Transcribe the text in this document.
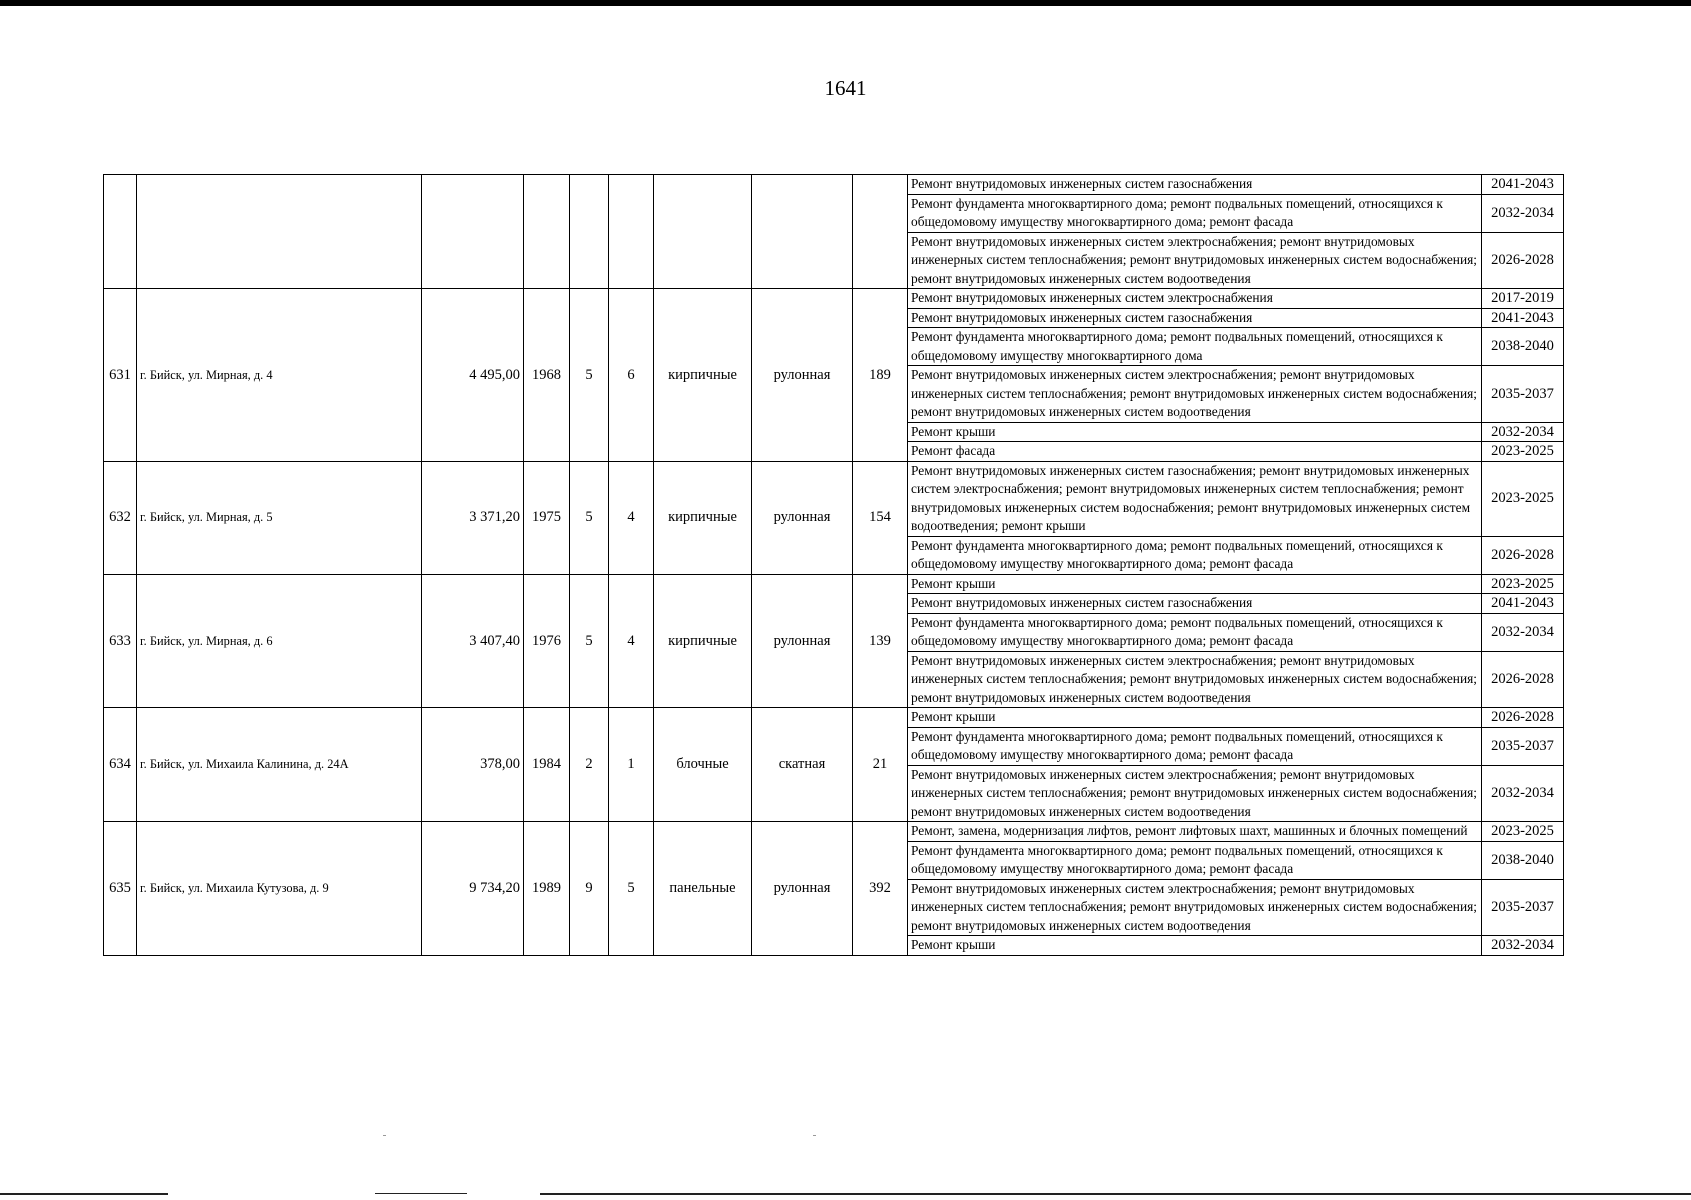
1641
									Ремонт внутридомовых инженерных систем газоснабжения	2041-2043
									Ремонт фундамента многоквартирного дома; ремонт подвальных помещений, относящихся к общедомовому имуществу многоквартирного дома; ремонт фасада	2032-2034
									Ремонт внутридомовых инженерных систем электроснабжения; ремонт внутридомовых инженерных систем теплоснабжения; ремонт внутридомовых инженерных систем водоснабжения; ремонт внутридомовых инженерных систем водоотведения	2026-2028
631	г. Бийск, ул. Мирная, д. 4	4 495,00	1968	5	6	кирпичные	рулонная	189	Ремонт внутридомовых инженерных систем электроснабжения	2017-2019
									Ремонт внутридомовых инженерных систем газоснабжения	2041-2043
									Ремонт фундамента многоквартирного дома; ремонт подвальных помещений, относящихся к общедомовому имуществу многоквартирного дома	2038-2040
									Ремонт внутридомовых инженерных систем электроснабжения; ремонт внутридомовых инженерных систем теплоснабжения; ремонт внутридомовых инженерных систем водоснабжения; ремонт внутридомовых инженерных систем водоотведения	2035-2037
									Ремонт крыши	2032-2034
									Ремонт фасада	2023-2025
632	г. Бийск, ул. Мирная, д. 5	3 371,20	1975	5	4	кирпичные	рулонная	154	Ремонт внутридомовых инженерных систем газоснабжения; ремонт внутридомовых инженерных систем электроснабжения; ремонт внутридомовых инженерных систем теплоснабжения; ремонт внутридомовых инженерных систем водоснабжения; ремонт внутридомовых инженерных систем водоотведения; ремонт крыши	2023-2025
									Ремонт фундамента многоквартирного дома; ремонт подвальных помещений, относящихся к общедомовому имуществу многоквартирного дома; ремонт фасада	2026-2028
633	г. Бийск, ул. Мирная, д. 6	3 407,40	1976	5	4	кирпичные	рулонная	139	Ремонт крыши	2023-2025
									Ремонт внутридомовых инженерных систем газоснабжения	2041-2043
									Ремонт фундамента многоквартирного дома; ремонт подвальных помещений, относящихся к общедомовому имуществу многоквартирного дома; ремонт фасада	2032-2034
									Ремонт внутридомовых инженерных систем электроснабжения; ремонт внутридомовых инженерных систем теплоснабжения; ремонт внутридомовых инженерных систем водоснабжения; ремонт внутридомовых инженерных систем водоотведения	2026-2028
634	г. Бийск, ул. Михаила Калинина, д. 24А	378,00	1984	2	1	блочные	скатная	21	Ремонт крыши	2026-2028
									Ремонт фундамента многоквартирного дома; ремонт подвальных помещений, относящихся к общедомовому имуществу многоквартирного дома; ремонт фасада	2035-2037
									Ремонт внутридомовых инженерных систем электроснабжения; ремонт внутридомовых инженерных систем теплоснабжения; ремонт внутридомовых инженерных систем водоснабжения; ремонт внутридомовых инженерных систем водоотведения	2032-2034
635	г. Бийск, ул. Михаила Кутузова, д. 9	9 734,20	1989	9	5	панельные	рулонная	392	Ремонт, замена, модернизация лифтов, ремонт лифтовых шахт, машинных и блочных помещений	2023-2025
									Ремонт фундамента многоквартирного дома; ремонт подвальных помещений, относящихся к общедомовому имуществу многоквартирного дома; ремонт фасада	2038-2040
									Ремонт внутридомовых инженерных систем электроснабжения; ремонт внутридомовых инженерных систем теплоснабжения; ремонт внутридомовых инженерных систем водоснабжения; ремонт внутридомовых инженерных систем водоотведения	2035-2037
									Ремонт крыши	2032-2034
